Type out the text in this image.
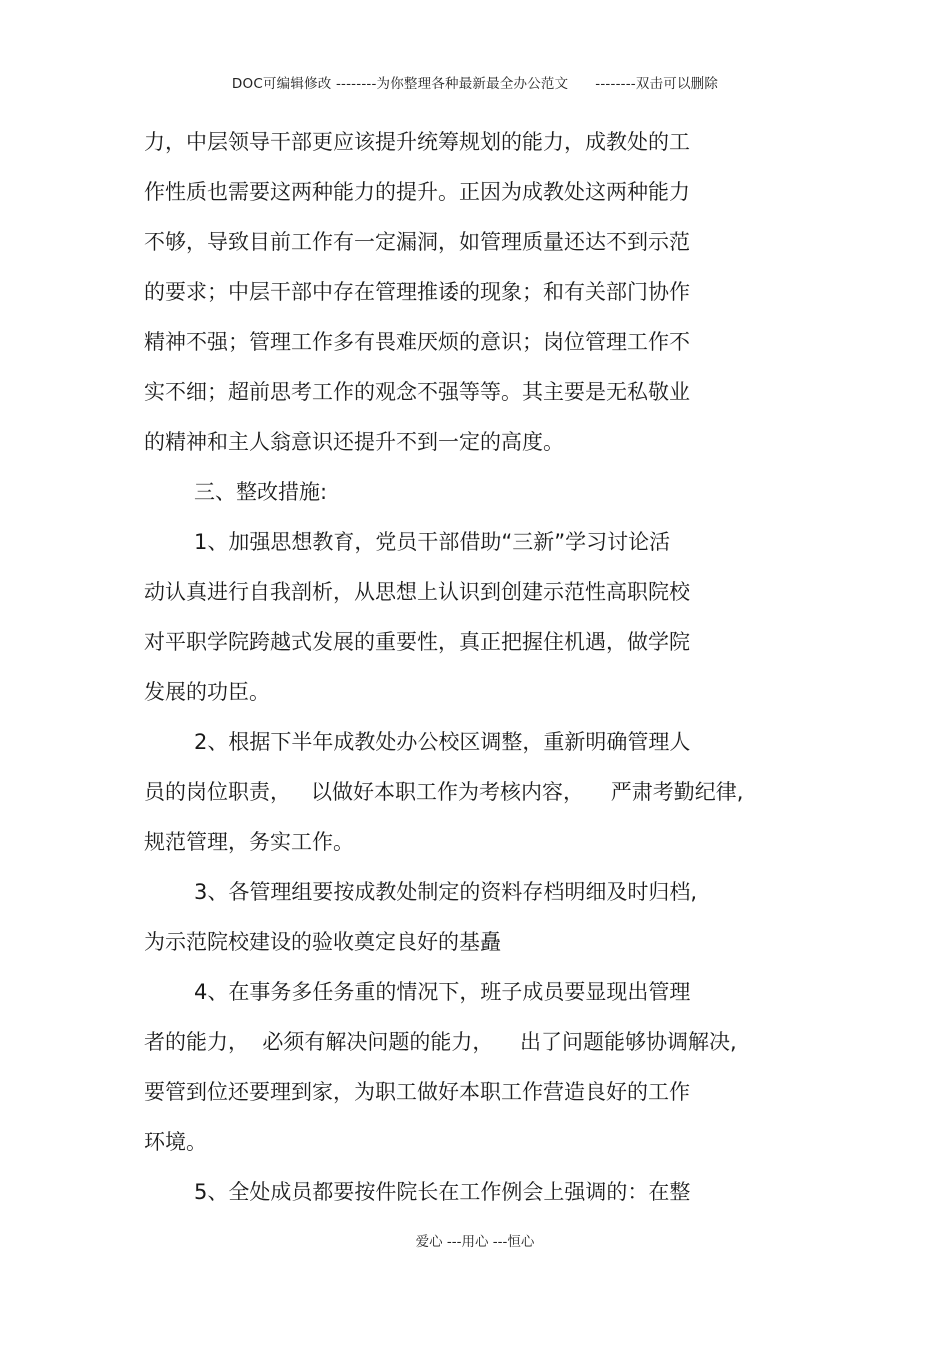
DOC可编辑修改 --------为你整理各种最新最全办公范文      --------双击可以删除
力，中层领导干部更应该提升统筹规划的能力，成教处的工
作性质也需要这两种能力的提升。正因为成教处这两种能力
不够，导致目前工作有一定漏洞，如管理质量还达不到示范
的要求；中层干部中存在管理推诿的现象；和有关部门协作
精神不强；管理工作多有畏难厌烦的意识；岗位管理工作不
实不细；超前思考工作的观念不强等等。其主要是无私敬业
的精神和主人翁意识还提升不到一定的高度。
三、整改措施:
1、加强思想教育，党员干部借助“三新”学习讨论活
动认真进行自我剖析，从思想上认识到创建示范性高职院校
对平职学院跨越式发展的重要性，真正把握住机遇，做学院
发展的功臣。
2、根据下半年成教处办公校区调整，重新明确管理人
员的岗位职责，   以做好本职工作为考核内容，    严肃考勤纪律,
规范管理，务实工作。
3、各管理组要按成教处制定的资料存档明细及时归档,
为示范院校建设的验收奠定良好的基矗
4、在事务多任务重的情况下，班子成员要显现出管理
者的能力，  必须有解决问题的能力，    出了问题能够协调解决,
要管到位还要理到家，为职工做好本职工作营造良好的工作
环境。
5、全处成员都要按件院长在工作例会上强调的：在整
爱心 ---用心 ---恒心
